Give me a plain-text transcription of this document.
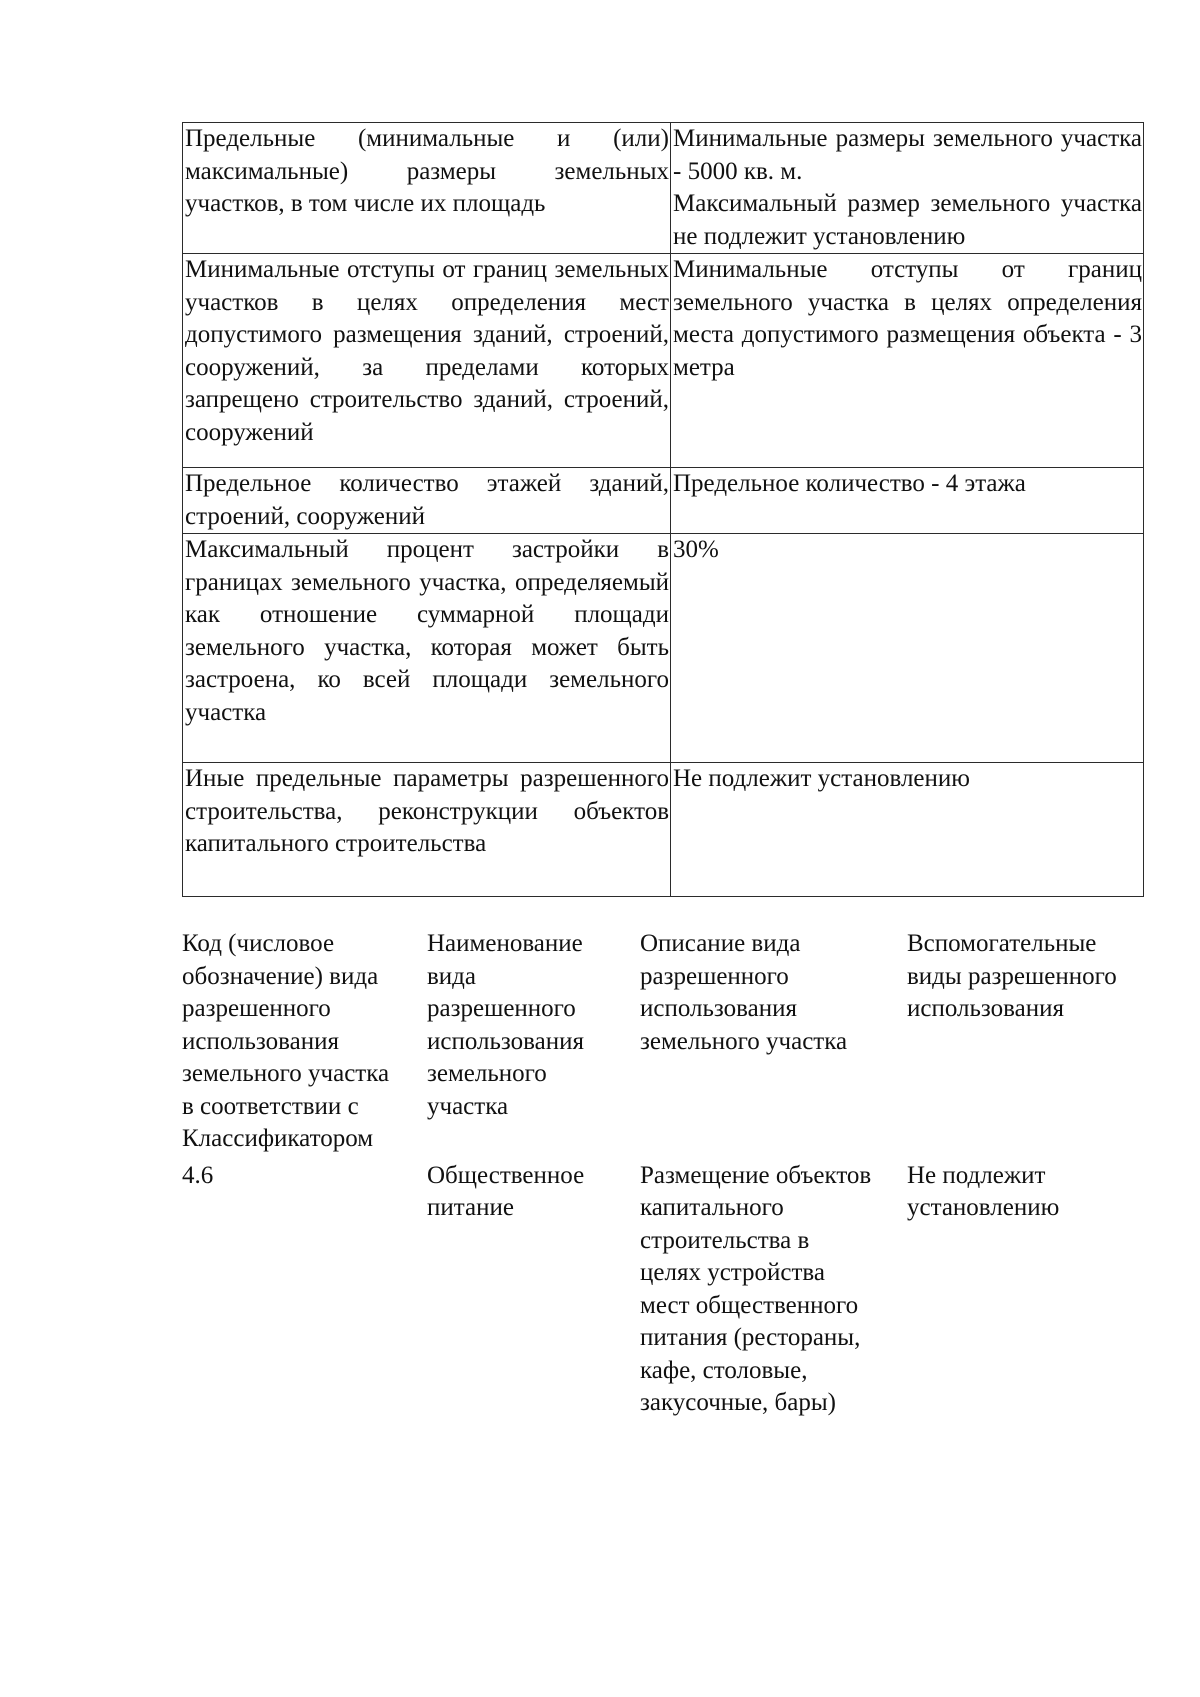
Предельные (минимальные и (или) максимальные) размеры земельных участков, в том числе их площадь	Минимальные размеры земельного участка - 5000 кв. м.

Максимальный размер земельного участка не подлежит установлению

Минимальные отступы от границ земельных участков в целях определения мест допустимого размещения зданий, строений, сооружений, за пределами которых запрещено строительство зданий, строений, сооружений	Минимальные отступы от границ земельного участка в целях определения места допустимого размещения объекта - 3 метра

Предельное количество этажей зданий, строений, сооружений	Предельное количество - 4 этажа

Максимальный процент застройки в границах земельного участка, определяемый как отношение суммарной площади земельного участка, которая может быть застроена, ко всей площади земельного участка	30%

Иные предельные параметры разрешенного строительства, реконструкции объектов капитального строительства	Не подлежит установлению

Код (числовое обозначение) вида разрешенного использования земельного участка в соответствии с Классификатором	Наименование вида разрешенного использования земельного участка	Описание вида разрешенного использования земельного участка	Вспомогательные виды разрешенного использования
4.6	Общественное питание	Размещение объектов капитального строительства в целях устройства мест общественного питания (рестораны, кафе, столовые, закусочные, бары)	Не подлежит установлению
